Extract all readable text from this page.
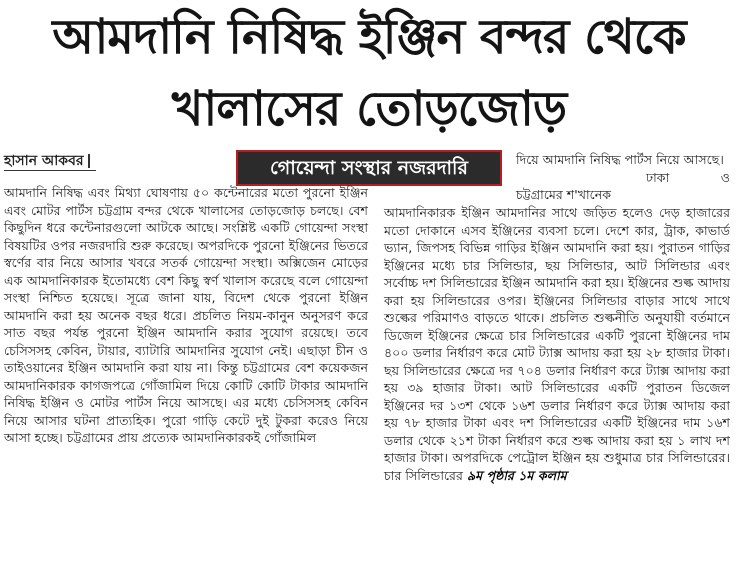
আমদানি নিষিদ্ধ ইঞ্জিন বন্দর থেকে
খালাসের তোড়জোড়
হাসান আকবর	গোয়েন্দা সংস্থার নজরদারি

আমদানি নিষিদ্ধ এবং মিথ্যা ঘোষণায় ৫০ কন্টেনারের মতো পুরনো ইঞ্জিন এবং মোটর পার্টস চট্টগ্রাম বন্দর থেকে খালাসের তোড়জোড় চলছে। বেশ কিছুদিন ধরে কন্টেনারগুলো আটকে আছে। সংশ্লিষ্ট একটি গোয়েন্দা সংস্থা বিষয়টির ওপর নজরদারি শুরু করেছে। অপরদিকে পুরনো ইঞ্জিনের ভিতরে স্বর্ণের বার নিয়ে আসার খবরে সতর্ক গোয়েন্দা সংস্থা। অক্সিজেন মোড়ের এক আমদানিকারক ইতোমধ্যে বেশ কিছু স্বর্ণ খালাস করেছে বলে গোয়েন্দা সংস্থা নিশ্চিত হয়েছে। সূত্রে জানা যায়, বিদেশ থেকে পুরনো ইঞ্জিন আমদানি করা হয় অনেক বছর ধরে। প্রচলিত নিয়ম-কানুন অনুসরণ করে সাত বছর পর্যন্ত পুরনো ইঞ্জিন আমদানি করার সুযোগ রয়েছে। তবে চেসিসসহ কেবিন, টায়ার, ব্যাটারি আমদানির সুযোগ নেই। এছাড়া চীন ও তাইওয়ানের ইঞ্জিন আমদানি করা যায় না। কিন্তু চট্টগ্রামের বেশ কয়েকজন আমদানিকারক কাগজপত্রে গোঁজামিল দিয়ে কোটি কোটি টাকার আমদানি নিষিদ্ধ ইঞ্জিন ও মোটর পার্টস নিয়ে আসছে। এর মধ্যে চেসিসসহ কেবিন নিয়ে আসার ঘটনা প্রাত্যহিক। পুরো গাড়ি কেটে দুই টুকরা করেও নিয়ে আসা হচ্ছে। চট্টগ্রামের প্রায় প্রত্যেক আমদানিকারকই গোঁজামিল

দিয়ে আমদানি নিষিদ্ধ পার্টস নিয়ে আসছে।

ঢাকা ও চট্টগ্রামের শ'খানেক

আমদানিকারক ইঞ্জিন আমদানির সাথে জড়িত হলেও দেড় হাজারের মতো দোকানে এসব ইঞ্জিনের ব্যবসা চলে। দেশে কার, ট্রাক, কাভার্ড ভ্যান, জিপসহ বিভিন্ন গাড়ির ইঞ্জিন আমদানি করা হয়। পুরাতন গাড়ির ইঞ্জিনের মধ্যে চার সিলিন্ডার, ছয় সিলিন্ডার, আট সিলিন্ডার এবং সর্বোচ্চ দশ সিলিন্ডারের ইঞ্জিন আমদানি করা হয়। ইঞ্জিনের শুল্ক আদায় করা হয় সিলিন্ডারের ওপর। ইঞ্জিনের সিলিন্ডার বাড়ার সাথে সাথে শুল্কের পরিমাণও বাড়তে থাকে। প্রচলিত শুল্কনীতি অনুযায়ী বর্তমানে ডিজেল ইঞ্জিনের ক্ষেত্রে চার সিলিন্ডারের একটি পুরনো ইঞ্জিনের দাম ৪০০ ডলার নির্ধারণ করে মোট ট্যাক্স আদায় করা হয় ২৮ হাজার টাকা। ছয় সিলিন্ডারের ক্ষেত্রে দর ৭০৪ ডলার নির্ধারণ করে ট্যাক্স আদায় করা হয় ৩৯ হাজার টাকা। আট সিলিন্ডারের একটি পুরাতন ডিজেল ইঞ্জিনের দর ১৩শ থেকে ১৬শ ডলার নির্ধারণ করে ট্যাক্স আদায় করা হয় ৭৮ হাজার টাকা এবং দশ সিলিন্ডারের একটি ইঞ্জিনের দাম ১৬শ ডলার থেকে ২১শ টাকা নির্ধারণ করে শুল্ক আদায় করা হয় ১ লাখ দশ হাজার টাকা। অপরদিকে পেট্রোল ইঞ্জিন হয় শুধুমাত্র চার সিলিন্ডারের। চার সিলিন্ডারের ৯ম পৃষ্ঠার ১ম কলাম
